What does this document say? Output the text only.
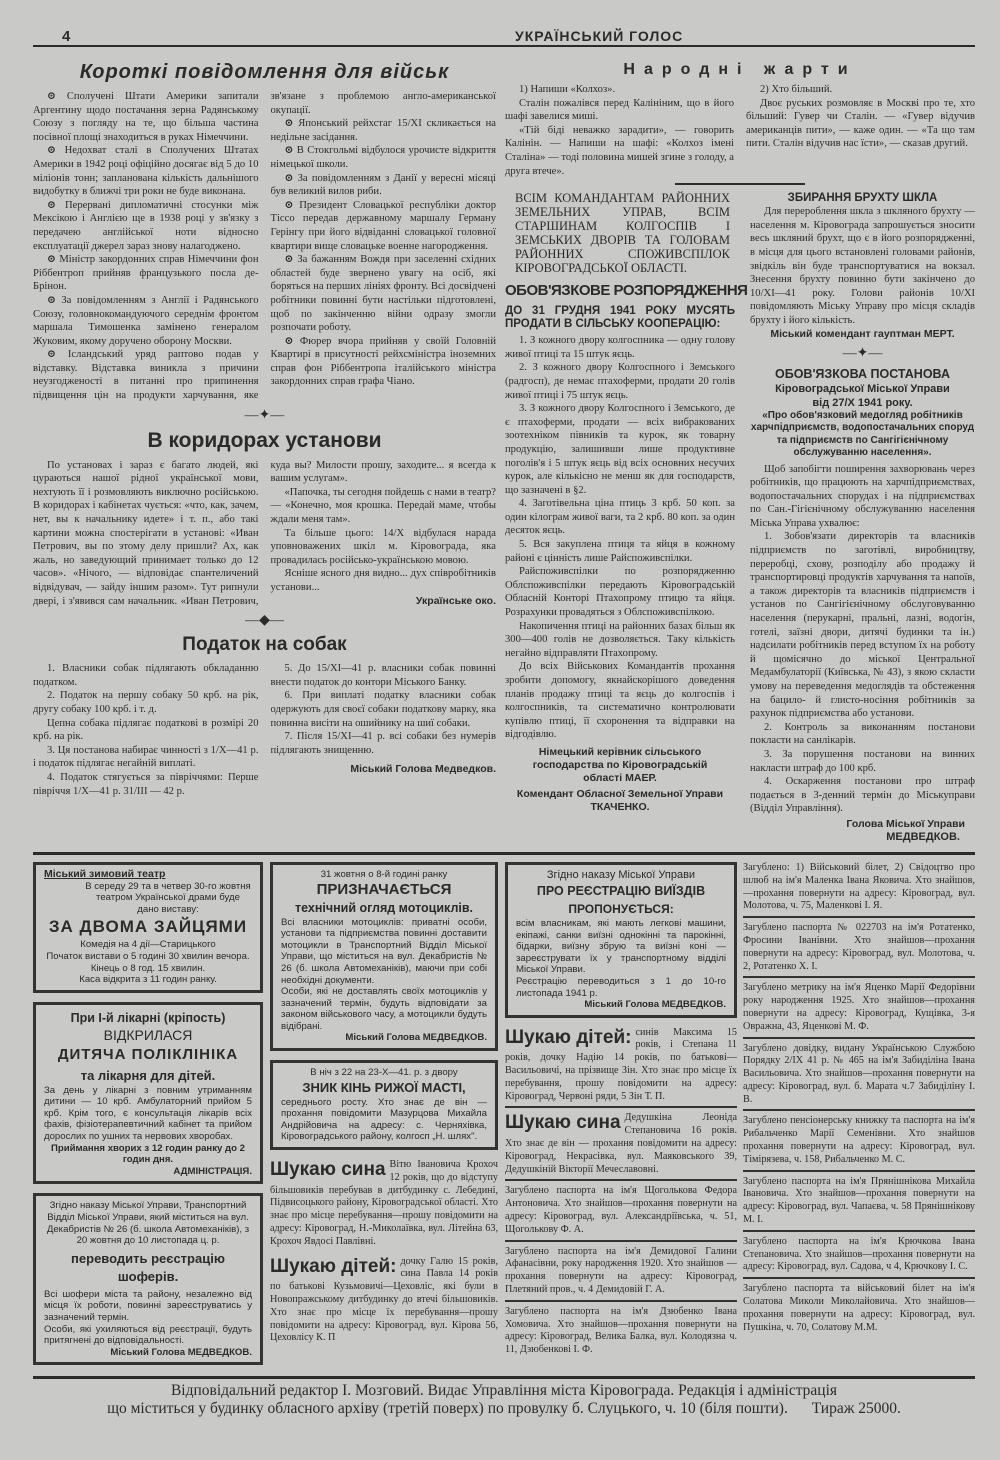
4	УКРАЇНСЬКИЙ ГОЛОС
Короткі повідомлення для військ

⊙ Сполучені Штати Америки запитали Аргентину щодо постачання зерна Радянському Союзу з погляду на те, що більша частина посівної площі знаходиться в руках Німеччини.

⊙ Недохват сталі в Сполучених Штатах Америки в 1942 році офіційно досягає від 5 до 10 мілiонів тонн; запланована кількість дальнішого видобутку в ближчі три роки не буде виконана.

⊙ Перервані дипломатичні стосунки між Мексікою і Англією ще в 1938 році у зв'язку з передачею англійської ноти відносно експлуатації джерел зараз знову налагоджено.

⊙ Міністр закордонних справ Німеччини фон Ріббентроп прийняв французького посла де-Брінон.

⊙ За повідомленням з Англії і Радянського Союзу, головнокомандуючого середнім фронтом маршала Тимошенка замінено генералом Жуковим, якому доручено оборону Москви.

⊙ Ісландський уряд раптово подав у відставку. Відставка виникла з причини неузгодженості в питанні про припинення підвищення цін на продукти харчування, яке зв'язане з проблемою англо-американської окупації.

⊙ Японський рейхстаг 15/XI скликається на недільне засідання.

⊙ В Стокгольмі відбулося урочисте відкриття німецької школи.

⊙ За повідомленням з Данії у вересні місяці був великий вилов риби.

⊙ Президент Словацької республіки доктор Тіссо передав державному маршалу Герману Герінгу при його відвіданні словацької головної квартири вище словацьке военне нагородження.

⊙ За бажанням Вождя при заселенні східних областей буде звернено увагу на осіб, які боряться на перших лініях фронту. Всі досвідчені робітники повинні бути настільки підготовлені, щоб по закінченню війни одразу змогли розпочати роботу.

⊙ Фюрер вчора прийняв у своїй Головній Квартирі в присутності рейхсміністра іноземних справ фон Ріббентропа італійського міністра закордонних справ графа Чіано.

—✦—
В коридорах установи

По установах і зараз є багато людей, які цураються нашої рідної української мови, нехтують її і розмовляють виключно російською. В коридорах і кабінетах чується: «что, как, зачем, нет, вы к начальнику идете» і т. п., або такі картини можна спостерігати в установі: «Иван Петрович, вы по этому делу пришли? Ах, как жаль, но заведующий принимает только до 12 часов». «Нічого, — відповідає спантеличений відвідувач, — зайду іншим разом». Тут рипнули двері, і з'явився сам начальник. «Иван Петрович, куда вы? Милости прошу, заходите... я всегда к вашим услугам».

«Папочка, ты сегодня пойдешь с нами в театр? — «Конечно, моя крошка. Передай маме, чтобы ждали меня там».

Та більше цього: 14/X відбулася нарада уповноважених шкіл м. Кіровограда, яка провадилась російсько-українською мовою.

Ясніше ясного дня видно... дух співробітників установи...

Українське око.
—◆—
Податок на собак

1. Власники собак підлягають обкладанню податком.

2. Податок на першу собаку 50 крб. на рік, другу собаку 100 крб. і т. д.

Цепна собака підлягає податкові в розмірі 20 крб. на рік.

3. Ця постанова набирає чинності з 1/X—41 р. і податок підлягає негайній виплаті.

4. Податок стягується за півріччями: Перше півріччя 1/X—41 р. 31/III — 42 р.

5. До 15/XI—41 р. власники собак повинні внести податок до контори Міського Банку.

6. При виплаті податку власники собак одержують для своєї собаки податкову марку, яка повинна висіти на ошийнику на шиї собаки.

7. Після 15/XI—41 р. всі собаки без нумерів підлягають знищенню.

Міський Голова Медведков.
Народні жарти

1) Напиши «Колхоз».

Сталін пожалівся перед Калініним, що в його шафі завелися миші.

«Тій біді неважко зарадити», — говорить Калінін. — Напиши на шафі: «Колхоз імені Сталіна» — тоді половина мишей згине з голоду, а друга втече».

2) Хто більший.

Двоє руських розмовляє в Москві про те, хто більший: Гувер чи Сталін. — «Гувер відучив американців пити», — каже один. — «Та що там пити. Сталін відучив нас їсти», — сказав другий.

ВСІМ КОМАНДАНТАМ РАЙОННИХ ЗЕМЕЛЬНИХ УПРАВ, ВСІМ СТАРШИНАМ КОЛГОСПІВ І ЗЕМСЬКИХ ДВОРІВ ТА ГОЛОВАМ РАЙОННИХ СПОЖИВСПІЛОК КІРОВОГРАДСЬКОЇ ОБЛАСТІ.
ОБОВ'ЯЗКОВЕ РОЗПОРЯДЖЕННЯ
ДО 31 ГРУДНЯ 1941 РОКУ МУСЯТЬ ПРОДАТИ В СІЛЬСЬКУ КООПЕРАЦІЮ:

1. З кожного двору колгоспника — одну голову живої птиці та 15 штук яєць.

2. З кожного двору Колгоспного і Земського (радгосп), де немає птахоферми, продати 20 голів живої птиці і 75 штук яєць.

3. З кожного двору Колгоспного і Земського, де є птахоферми, продати — всіх вибракованих зоотехніком півників та курок, як товарну продукцію, залишивши лише продуктивне поголів'я і 5 штук яєць від всіх основних несучих курок, але кількісно не менш як для господарств, що зазначені в §2.

4. Заготівельна ціна птиць 3 крб. 50 коп. за один кілограм живої ваги, та 2 крб. 80 коп. за один десяток яєць.

5. Вся закуплена птиця та яйця в кожному районі є цінність лише Райспоживспілки.

Райспоживспілки по розпорядженню Облспоживспілки передають Кіровоградській Обласній Конторі Птахопрому птицю та яйця. Розрахунки провадяться з Облспоживспілкою.

Накопичення птиці на районних базах більш як 300—400 голів не дозволяється. Таку кількість негайно відправляти Птахопрому.

До всіх Військових Командантів прохання зробити допомогу, якнайскорішого доведення планів продажу птиці та яєць до колгоспів і колгоспників, та систематично контролювати купівлю птиці, її схоронення та відправки на відгодівлю.

Німецький керівник сільського господарства по Кіровоградській області МАЕР.
Комендант Обласної Земельної Управи ТКАЧЕНКО.
ЗБИРАННЯ БРУХТУ ШКЛА

Для перероблення шкла з шкляного брухту — населення м. Кіровограда запрошується зносити весь шкляний брухт, що є в його розпорядженні, в місця для цього встановлені головами районів, звідкіль він буде транспортуватися на вокзал. Знесення брухту повинно бути закінчено до 10/XI—41 року. Голови районів 10/XI повідомляють Міську Управу про місця складів брухту і його кількість.

Міський комендант гауптман МЕРТ.
—✦—
ОБОВ'ЯЗКОВА ПОСТАНОВА
Кіровоградської Міської Управи
від 27/X 1941 року.
«Про обов'язковий медогляд робітників харчпідприємств, водопостачальних споруд та підприємств по Сангігієнічному обслужуванню населення».

Щоб запобігти поширення захворювань через робітників, що працюють на харчпідприємствах, водопостачальних спорудах і на підприємствах по Сан.-Гігієнічному обслужуванню населення Міська Управа ухвалює:

1. Зобов'язати директорів та власників підприємств по заготівлі, виробництву, переробці, схову, розподілу або продажу й транспортировці продуктів харчування та напоїв, а також директорів та власників підприємств і установ по Сангігієнічному обслуговуванню населення (перукарні, пральні, лазні, водогін, готелі, заїзні двори, дитячі будинки та ін.) надсилати робітників перед вступом їх на роботу й щомісячно до міської Центральної Медамбулаторії (Київська, № 43), з якою скласти умову на переведення медоглядів та обстеження на бацило- й глисто-носіння робітників за рахунок підприємства або установи.

2. Контроль за виконанням постанови покласти на санлікарів.

3. За порушення постанови на винних накласти штраф до 100 крб.

4. Оскарження постанови про штраф подається в 3-денний термін до Міськуправи (Відділ Управління).

Голова Міської Управи
МЕДВЕДКОВ.
Міський зимовий театр
В середу 29 та в четвер 30-го жовтня театром Української драми буде дано виставу:
ЗА ДВОМА ЗАЙЦЯМИ
Комедія на 4 дії—Старицького
Початок вистави о 5 годині 30 хвилин вечора. Кінець о 8 год. 15 хвилин.
Каса відкрита з 11 годин ранку.
При І-й лікарні (кріпость)
ВІДКРИЛАСЯ
ДИТЯЧА ПОЛІКЛІНІКА
та лікарня для дітей.

За день у лікарні з повним утриманням дитини — 10 крб. Амбулаторний прийом 5 крб. Крім того, є консультація лікарів всіх фахів, фізіотерапевтичний кабінет та прийом дорослих по ушних та нервових хворобах.

Приймання хворих з 12 годин ранку до 2 годин дня.
АДМІНІСТРАЦІЯ.
Згідно наказу Міської Управи, Транспортний Відділ Міської Управи, який міститься на вул. Декабристів № 26 (б. школа Автомеханіків), з 20 жовтня до 10 листопада ц. р.
переводить реєстрацію шоферів.

Всі шофери міста та району, незалежно від місця їх роботи, повинні зареєструватись у зазначений термін.

Особи, які ухиляються від реєстрації, будуть притягнені до відповідальності.

Міський Голова МЕДВЕДКОВ.
31 жовтня о 8-й годині ранку
ПРИЗНАЧАЄТЬСЯ
технічний огляд мотоциклів.

Всі власники мотоциклів: приватні особи, установи та підприємства повинні доставити мотоцикли в Транспортний Відділ Міської Управи, що міститься на вул. Декабристів № 26 (б. школа Автомеханіків), маючи при собі необхідні документи.

Особи, які не доставлять своїх мотоциклів у зазначений термін, будуть відповідати за законом військового часу, а мотоцикли будуть відібрані.

Міський Голова МЕДВЕДКОВ.
В ніч з 22 на 23-X—41. р. з двору
ЗНИК КІНЬ РИЖОЇ МАСТІ,

середнього росту. Хто знає де він — прохання повідомити Мазурцова Михайла Андрійовича на адресу: с. Черняхівка, Кіровоградського району, колгосп „Н. шлях".

Шукаю сина Вітю Івановича Крохоч 12 років, що до відступу більшовиків перебував в дитбудинку с. Лебедині, Підвисоцького району, Кіровоградської області. Хто знає про місце перебування—прошу повідомити на адресу: Кіровоград, Н.-Миколаївка, вул. Літейна 63, Крохоч Явдосі Павлівні.
Шукаю дітей: дочку Галю 15 років, сина Павла 14 років по батькові Кузьмовичі—Цеховліс, які були в Новопражському дитбудинку до втечі більшовиків. Хто знає про місце їх перебування—прошу повідомити на адресу: Кіровоград, вул. Кірова 56, Цеховлісу К. П
Згідно наказу Міської Управи
ПРО РЕЄСТРАЦІЮ ВИЇЗДІВ
ПРОПОНУЄТЬСЯ:

всім власникам, які мають легкові машини, екіпажі, санки виїзні однокінні та парокінні, бідарки, виїзну збрую та виїзні коні — зареєструвати їх у транспортному відділі Міської Управи.

Реєстрацію переводиться з 1 до 10-го листопада 1941 р.

Міський Голова МЕДВЕДКОВ.
Шукаю дітей: синів Максима 15 років, і Степана 11 років, дочку Надію 14 років, по батькові—Васильовичі, на прізвище Зін. Хто знає про місце їх перебування, прошу повідомити на адресу: Кіровоград, Червоні ряди, 5 Зін Т. П.
Шукаю сина Дедушкіна Леоніда Степановича 16 років. Хто знає де він — прохання повідомити на адресу: Кіровоград, Некрасівка, вул. Маяковського 39, Дедушкіній Вікторії Мечеславовні.
Загублено паспорта на ім'я Щоголькова Федора Антоновича. Хто знайшов—прохання повернути на адресу: Кіровоград, вул. Александріївська, ч. 51, Щоголькову Ф. А.
Загублено паспорта на ім'я Демидової Галини Афанасівни, року народження 1920. Хто знайшов —прохання повернути на адресу: Кіровоград, Плетяний пров., ч. 4 Демидовій Г. А.
Загублено паспорта на ім'я Дзюбенко Івана Хомовича. Хто знайшов—прохання повернути на адресу: Кіровоград, Велика Балка, вул. Колодязна ч. 11, Дзюбенкові І. Ф.
Загублено: 1) Військовий білет, 2) Свідоцтво про шлюб на ім'я Маленка Івана Яковича. Хто знайшов,—прохання повернути на адресу: Кіровоград, вул. Молотова, ч. 75, Маленкові І. Я.
Загублено паспорта № 022703 на ім'я Ротатенко, Фросини Іванівни. Хто знайшов—прохання повернути на адресу: Кіровоград, вул. Молотова, ч. 2, Ротатенко Х. І.
Загублено метрику на ім'я Яценко Марії Федорівни року народження 1925. Хто знайшов—прохання повернути на адресу: Кіровоград, Кущівка, 3-я Овражна, 43, Яценкові М. Ф.
Загублено довідку, видану Українською Службою Порядку 2/IX 41 р. № 465 на ім'я Забиділіна Івана Васильовича. Хто знайшов—прохання повернути на адресу: Кіровоград, вул. б. Марата ч.7 Забиділіну І. В.
Загублено пенсіонерську книжку та паспорта на ім'я Рибальченко Марії Семенівни. Хто знайшов прохання повернути на адресу: Кіровоград, вул. Тімірязева, ч. 158, Рибальченко М. С.
Загублено паспорта на ім'я Прянішнікова Михайла Івановича. Хто знайшов—прохання повернути на адресу: Кіровоград, вул. Чапаєва, ч. 58 Прянішнікову М. І.
Загублено паспорта на ім'я Крючкова Івана Степановича. Хто знайшов—прохання повернути на адресу: Кіровоград, вул. Садова, ч 4, Крючкову І. С.
Загублено паспорта та військовий білет на ім'я Солатова Миколи Миколайовича. Хто знайшов—прохання повернути на адресу: Кіровоград, вул. Пушкіна, ч. 70, Солатову М.М.
Відповідальний редактор І. Мозговий. Видає Управління міста Кіровограда. Редакція і адміністрація
що міститься у будинку обласного архіву (третій поверх) по провулку б. Слуцького, ч. 10 (біля пошти). Тираж 25000.
